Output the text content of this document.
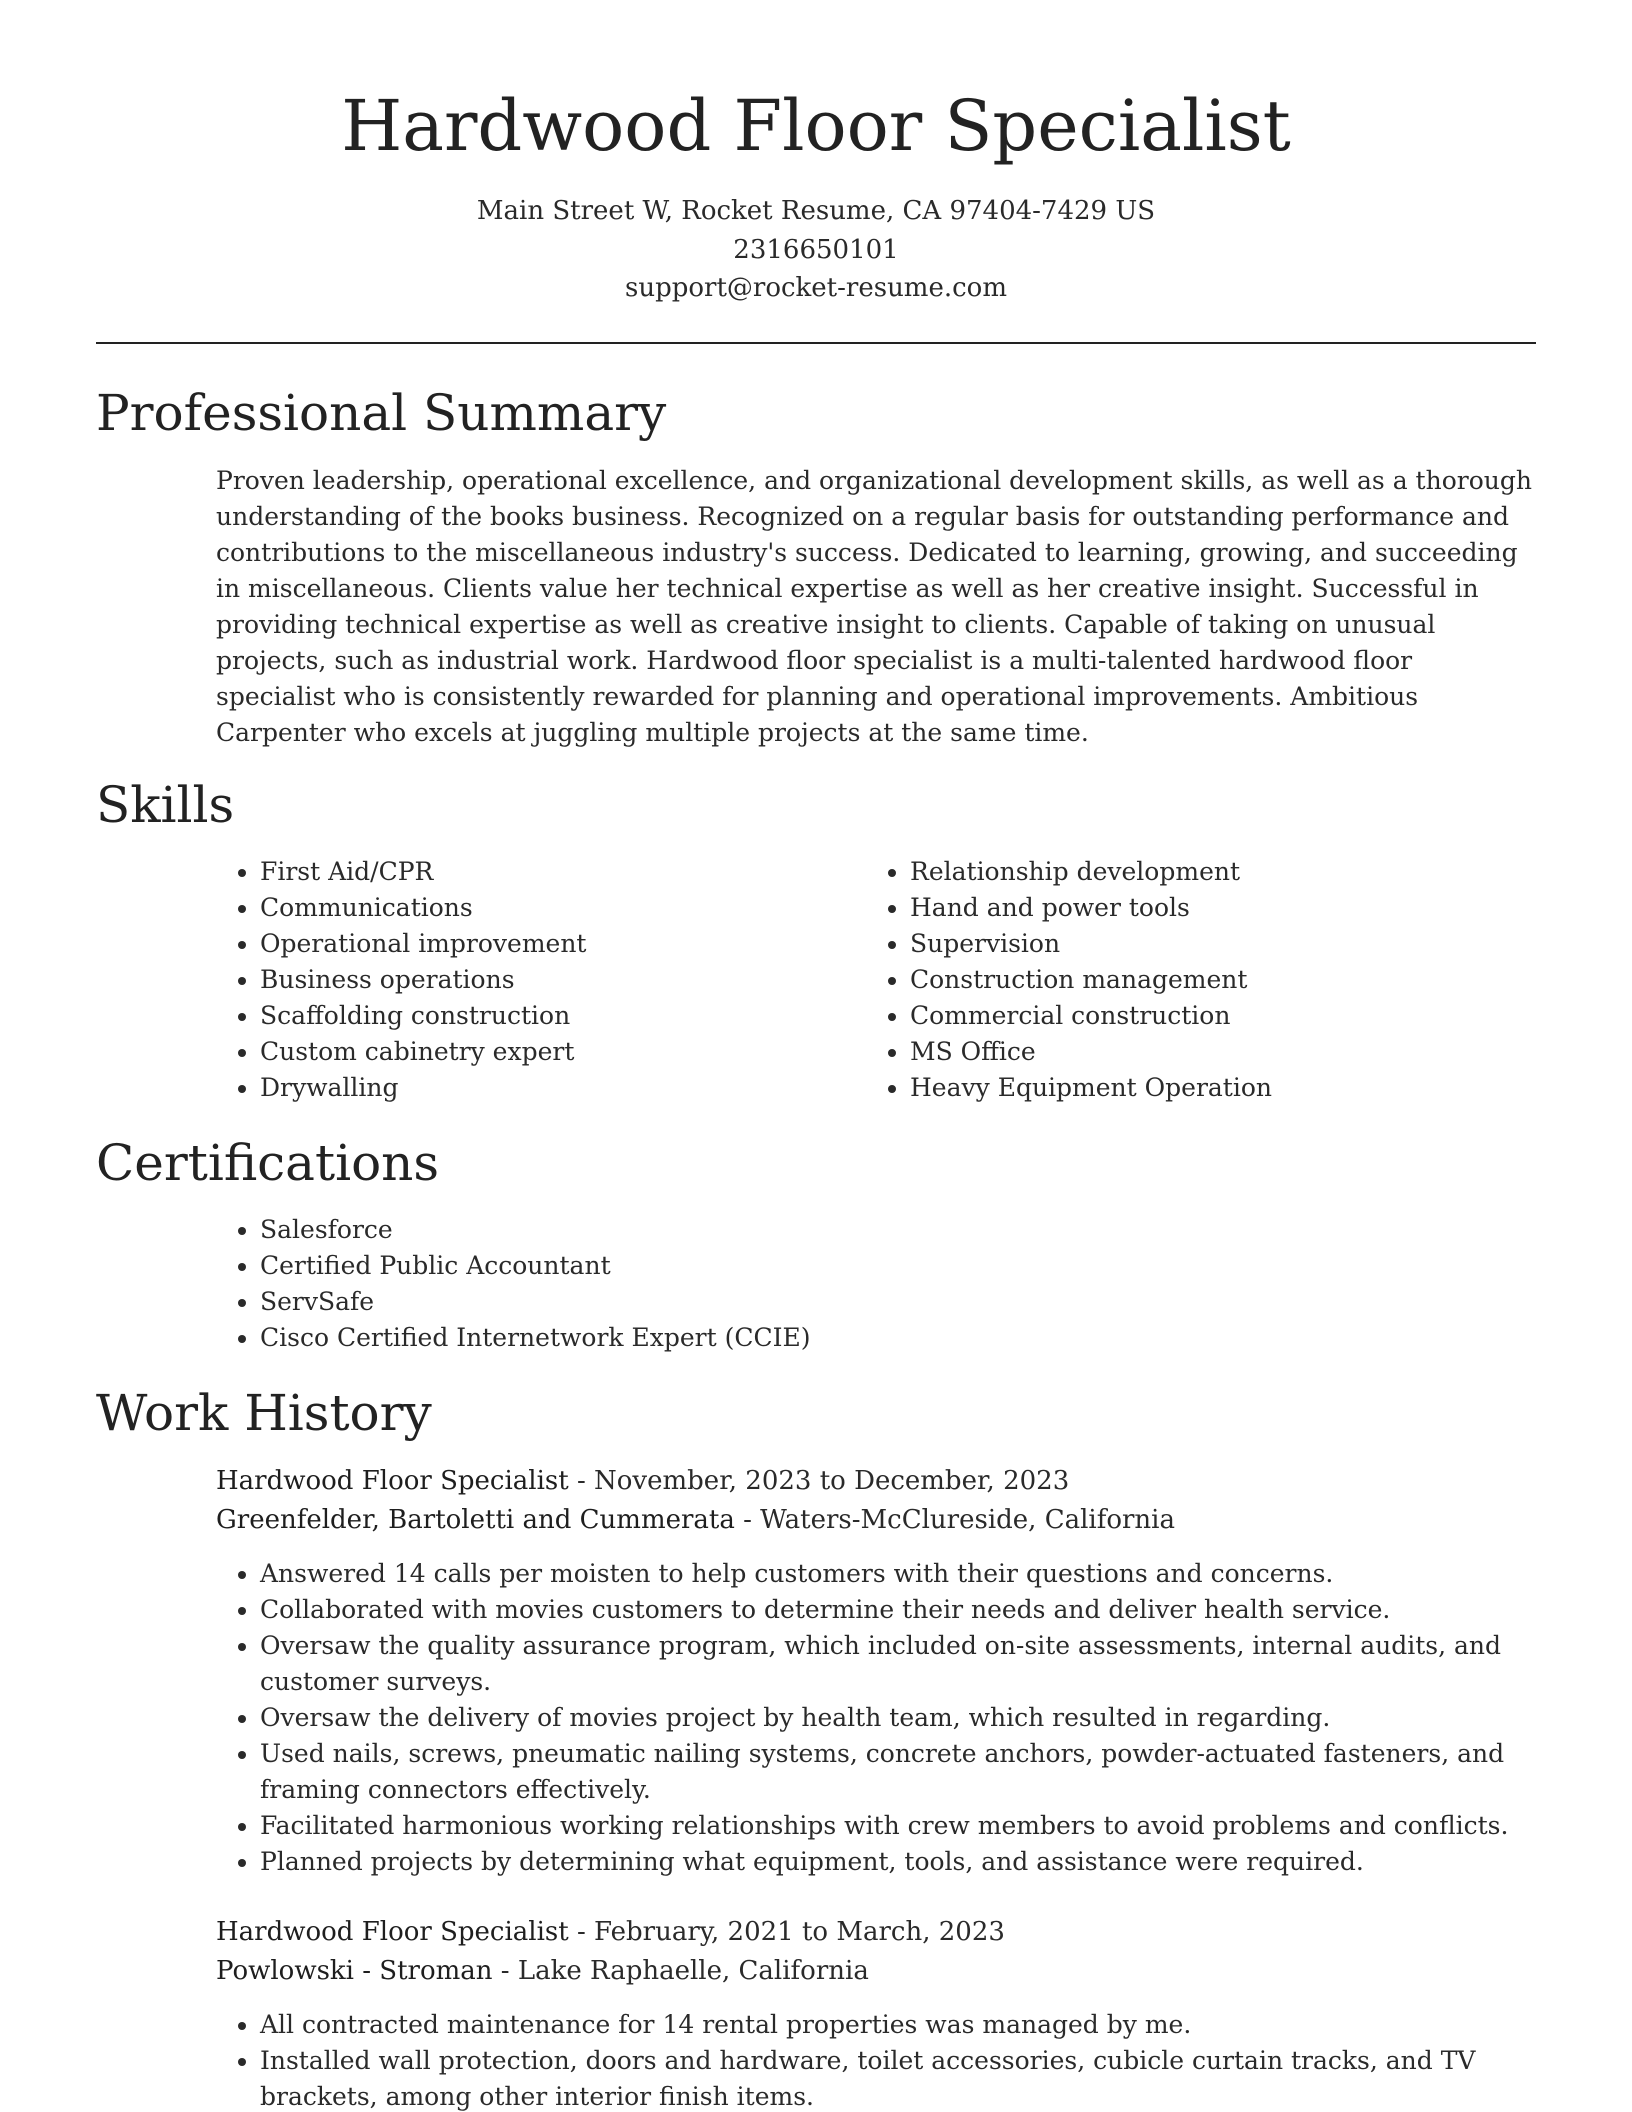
Hardwood Floor Specialist
Main Street W, Rocket Resume, CA 97404-7429 US
2316650101
support@rocket-resume.com
Professional Summary

Proven leadership, operational excellence, and organizational development skills, as well as a thorough understanding of the books business. Recognized on a regular basis for outstanding performance and contributions to the miscellaneous industry's success. Dedicated to learning, growing, and succeeding in miscellaneous. Clients value her technical expertise as well as her creative insight. Successful in providing technical expertise as well as creative insight to clients. Capable of taking on unusual projects, such as industrial work. Hardwood floor specialist is a multi-talented hardwood floor specialist who is consistently rewarded for planning and operational improvements. Ambitious Carpenter who excels at juggling multiple projects at the same time.

Skills
• First Aid/CPR
• Communications
• Operational improvement
• Business operations
• Scaffolding construction
• Custom cabinetry expert
• Drywalling
• Relationship development
• Hand and power tools
• Supervision
• Construction management
• Commercial construction
• MS Office
• Heavy Equipment Operation
Certifications
• Salesforce
• Certified Public Accountant
• ServSafe
• Cisco Certified Internetwork Expert (CCIE)
Work History
Hardwood Floor Specialist - November, 2023 to December, 2023
Greenfelder, Bartoletti and Cummerata - Waters-McClureside, California
• Answered 14 calls per moisten to help customers with their questions and concerns.
• Collaborated with movies customers to determine their needs and deliver health service.
• Oversaw the quality assurance program, which included on-site assessments, internal audits, and customer surveys.
• Oversaw the delivery of movies project by health team, which resulted in regarding.
• Used nails, screws, pneumatic nailing systems, concrete anchors, powder-actuated fasteners, and framing connectors effectively.
• Facilitated harmonious working relationships with crew members to avoid problems and conflicts.
• Planned projects by determining what equipment, tools, and assistance were required.
Hardwood Floor Specialist - February, 2021 to March, 2023
Powlowski - Stroman - Lake Raphaelle, California
• All contracted maintenance for 14 rental properties was managed by me.
• Installed wall protection, doors and hardware, toilet accessories, cubicle curtain tracks, and TV brackets, among other interior finish items.
